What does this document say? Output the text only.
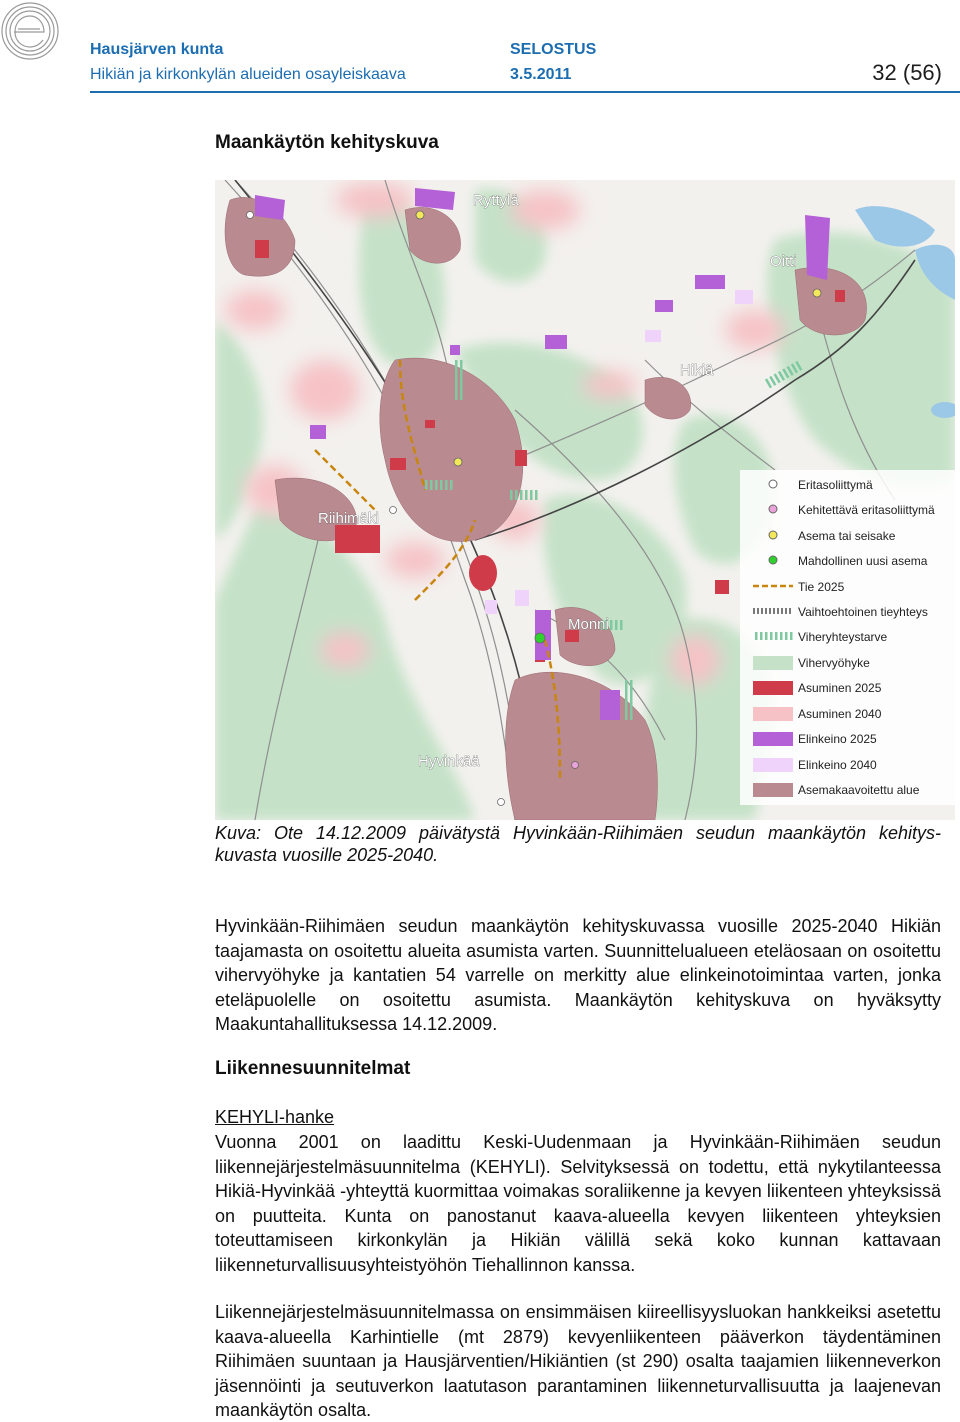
Hausjärven kunta
Hikiän ja kirkonkylän alueiden osayleiskaava
SELOSTUS
3.5.2011	32 (56)
Maankäytön kehityskuva
Ryttylä
Oitti
Hikiä
Riihimäki
Monni
Hyvinkää
Eritasoliittymä
Kehitettävä eritasoliittymä
Asema tai seisake
Mahdollinen uusi asema
Tie 2025
Vaihtoehtoinen tieyhteys
Viheryhteystarve
Vihervyöhyke
Asuminen 2025
Asuminen 2040
Elinkeino 2025
Elinkeino 2040
Asemakaavoitettu alue
Kuva: Ote 14.12.2009 päivätystä Hyvinkään-Riihimäen seudun maankäytön kehityskuvasta vuosille 2025-2040.
Hyvinkään-Riihimäen seudun maankäytön kehityskuvassa vuosille 2025-2040 Hikiän taajamasta on osoitettu alueita asumista varten. Suunnittelualueen eteläosaan on osoitettu vihervyöhyke ja kantatien 54 varrelle on merkitty alue elinkeinotoimintaa varten, jonka eteläpuolelle on osoitettu asumista. Maankäytön kehityskuva on hyväksytty Maakuntahallituksessa 14.12.2009.
Liikennesuunnitelmat
KEHYLI-hanke
Vuonna 2001 on laadittu Keski-Uudenmaan ja Hyvinkään-Riihimäen seudun liikennejärjestelmäsuunnitelma (KEHYLI). Selvityksessä on todettu, että nykytilanteessa Hikiä-Hyvinkää -yhteyttä kuormittaa voimakas soraliikenne ja kevyen liikenteen yhteyksissä on puutteita. Kunta on panostanut kaava-alueella kevyen liikenteen yhteyksien toteuttamiseen kirkonkylän ja Hikiän välillä sekä koko kunnan kattavaan liikenneturvallisuusyhteistyöhön Tiehallinnon kanssa.
Liikennejärjestelmäsuunnitelmassa on ensimmäisen kiireellisyysluokan hankkeiksi asetettu kaava-alueella Karhintielle (mt 2879) kevyenliikenteen pääverkon täydentäminen Riihimäen suuntaan ja Hausjärventien/Hikiäntien (st 290) osalta taajamien liikenneverkon jäsennöinti ja seutuverkon laatutason parantaminen liikenneturvallisuutta ja laajenevan maankäytön osalta.
